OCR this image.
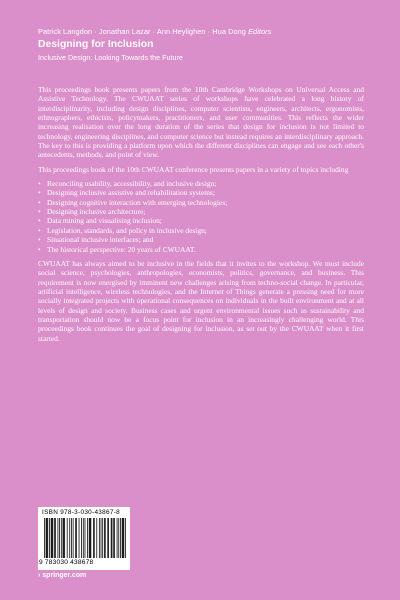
Patrick Langdon · Jonathan Lazar · Ann Heylighen · Hua Dong Editors
Designing for Inclusion
Inclusive Design: Looking Towards the Future

This proceedings book presents papers from the 10th Cambridge Workshops on Universal Access and Assistive Technology. The CWUAAT series of workshops have celebrated a long history of interdisciplinarity, including design disciplines, computer scientists, engineers, architects, ergonomists, ethnographers, ethicists, policymakers, practitioners, and user communities. This reflects the wider increasing realisation over the long duration of the series that design for inclusion is not limited to technology, engineering disciplines, and computer science but instead requires an interdisciplinary approach. The key to this is providing a platform upon which the different disciplines can engage and see each other's antecedents, methods, and point of view.

This proceedings book of the 10th CWUAAT conference presents papers in a variety of topics including

• Reconciling usability, accessibility, and inclusive design;
• Designing inclusive assistive and rehabilitation systems;
• Designing cognitive interaction with emerging technologies;
• Designing inclusive architecture;
• Data mining and visualising inclusion;
• Legislation, standards, and policy in inclusive design;
• Situational inclusive interfaces; and
• The historical perspective: 20 years of CWUAAT.

CWUAAT has always aimed to be inclusive in the fields that it invites to the workshop. We must include social science, psychologies, anthropologies, economists, politics, governance, and business. This requirement is now energised by imminent new challenges arising from techno-social change. In particular, artificial intelligence, wireless technologies, and the Internet of Things generate a pressing need for more socially integrated projects with operational consequences on individuals in the built environment and at all levels of design and society. Business cases and urgent environmental issues such as sustainability and transportation should now be a focus point for inclusion in an increasingly challenging world. This proceedings book continues the goal of designing for inclusion, as set out by the CWUAAT when it first started.

ISBN 978-3-030-43867-8
9 783030 438678
› springer.com
